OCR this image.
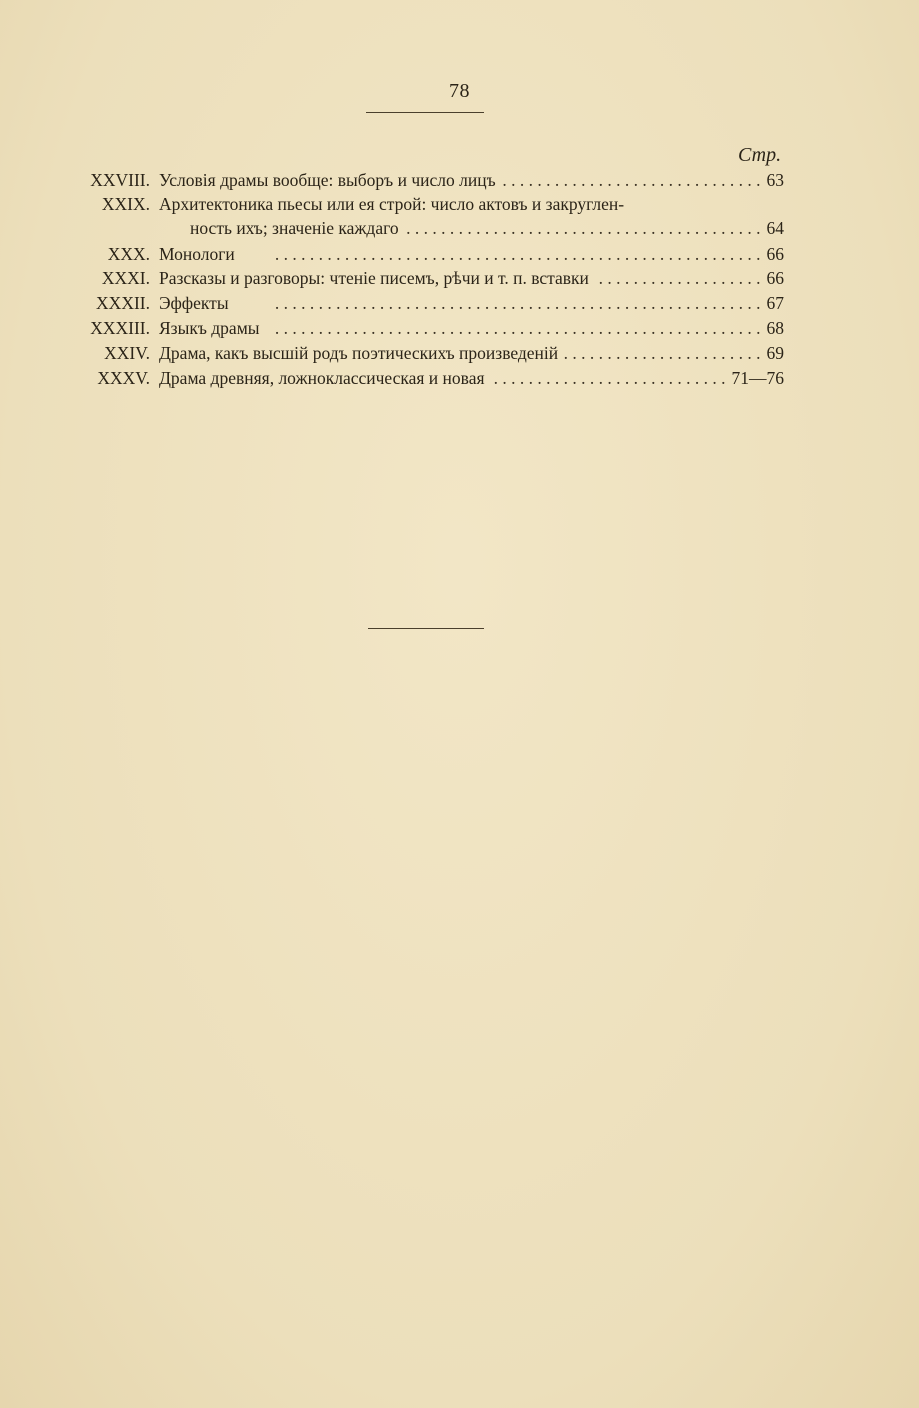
78
Стр.
XXVIII. Условія драмы вообще: выборъ и число лицъ . . .	63
XXIX. Архитектоника пьесы или ея строй: число актовъ и закруглен-
ность ихъ; значеніе каждаго . . .	64
XXX. Монологи . . .	66
XXXI. Разсказы и разговоры: чтеніе писемъ, рѣчи и т. п. вставки . . .	66
XXXII. Эффекты . . .	67
XXXIII. Языкъ драмы . . .	68
XXIV. Драма, какъ высшій родъ поэтическихъ произведеній . . .	69
XXXV. Драма древняя, ложноклассическая и новая . . .	71—76
